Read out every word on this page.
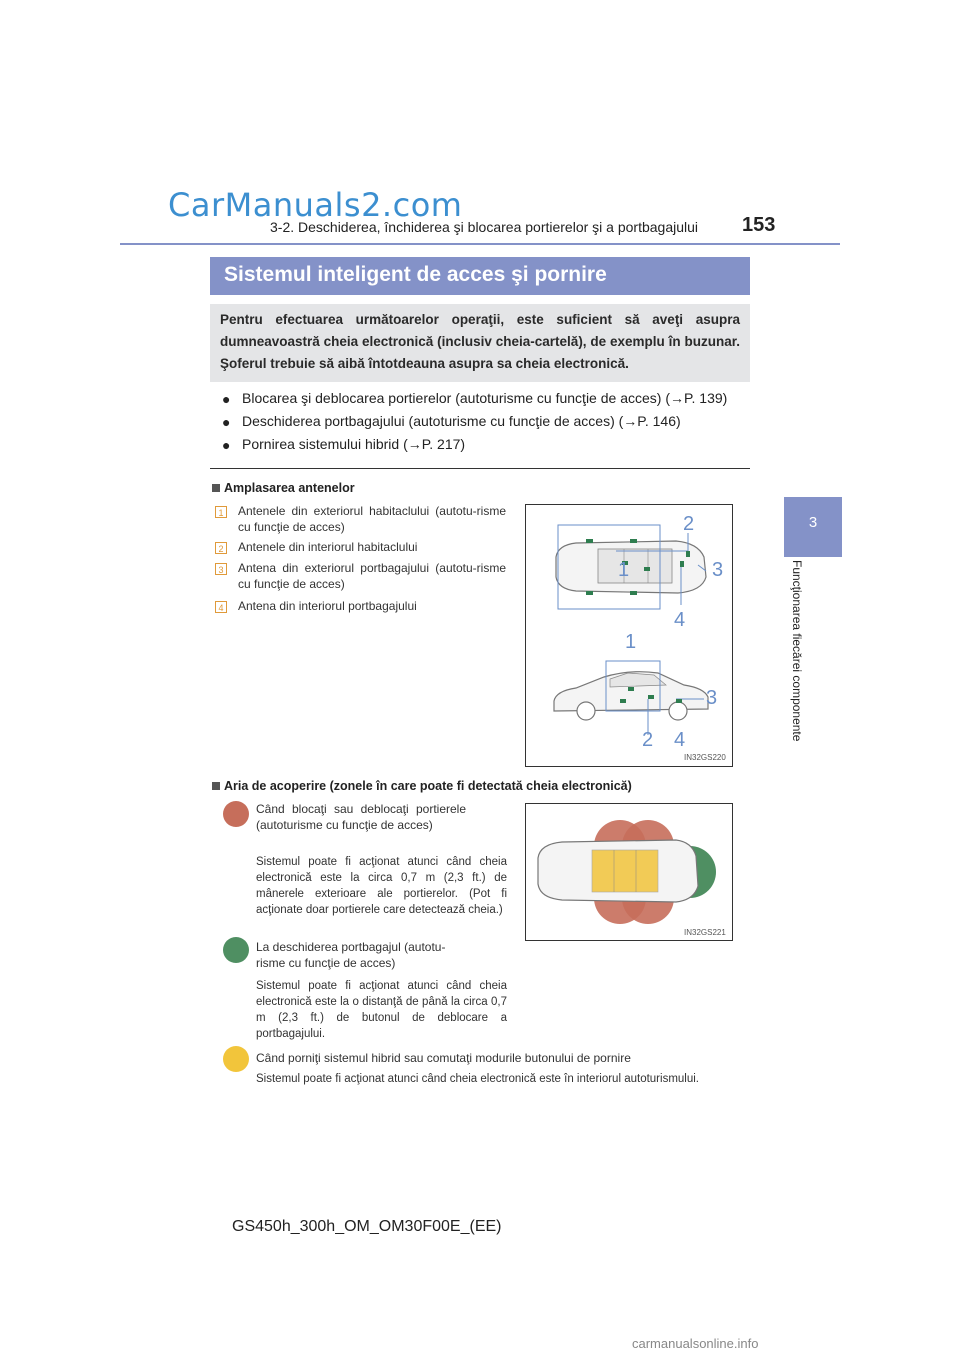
CarManuals2.com
3-2. Deschiderea, închiderea şi blocarea portierelor şi a portbagajului 153
3
Funcţionarea fiecărei componente
Sistemul inteligent de acces şi pornire
Pentru efectuarea următoarelor operaţii, este suficient să aveţi asupra dumneavoastră cheia electronică (inclusiv cheia-cartelă), de exemplu în buzunar. Şoferul trebuie să aibă întotdeauna asupra sa cheia electronică.
● Blocarea şi deblocarea portierelor (autoturisme cu funcţie de acces) (→P. 139)
● Deschiderea portbagajului (autoturisme cu funcţie de acces) (→P. 146)
● Pornirea sistemului hibrid (→P. 217)
Amplasarea antenelor
1 Antenele din exteriorul habitaclului (autotu-risme cu funcţie de acces)
2 Antenele din interiorul habitaclului
3 Antena din exteriorul portbagajului (autotu-risme cu funcţie de acces)
4 Antena din interiorul portbagajului
1
2
3
4
1
2
3
4
IN32GS220
Aria de acoperire (zonele în care poate fi detectată cheia electronică)
IN32GS221
Când blocaţi sau deblocaţi portierele (autoturisme cu funcţie de acces)
Sistemul poate fi acţionat atunci când cheia electronică este la circa 0,7 m (2,3 ft.) de mânerele exterioare ale portierelor. (Pot fi acţionate doar portierele care detectează cheia.)
La deschiderea portbagajul (autotu-risme cu funcţie de acces)
Sistemul poate fi acţionat atunci când cheia electronică este la o distanţă de până la circa 0,7 m (2,3 ft.) de butonul de deblocare a portbagajului.
Când porniţi sistemul hibrid sau comutaţi modurile butonului de pornire
Sistemul poate fi acţionat atunci când cheia electronică este în interiorul autoturismului.
GS450h_300h_OM_OM30F00E_(EE)
carmanualsonline.info
